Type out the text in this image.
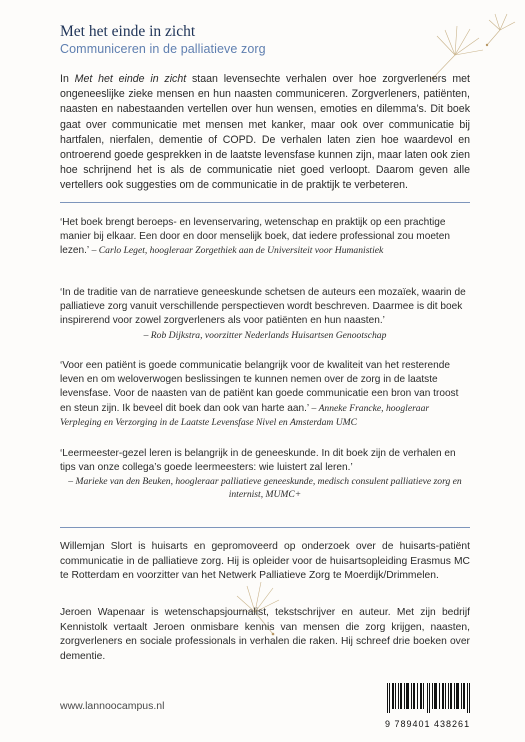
Met het einde in zicht
Communiceren in de palliatieve zorg

In Met het einde in zicht staan levensechte verhalen over hoe zorgverleners met ongeneeslijke zieke mensen en hun naasten communiceren. Zorgverleners, patiënten, naasten en nabestaanden vertellen over hun wensen, emoties en dilemma’s. Dit boek gaat over communicatie met mensen met kanker, maar ook over communicatie bij hartfalen, nierfalen, dementie of COPD. De verhalen laten zien hoe waardevol en ontroerend goede gesprekken in de laatste levensfase kunnen zijn, maar laten ook zien hoe schrijnend het is als de communicatie niet goed verloopt. Daarom geven alle vertellers ook suggesties om de communicatie in de praktijk te verbeteren.

‘Het boek brengt beroeps- en levenservaring, wetenschap en praktijk op een prachtige manier bij elkaar. Een door en door menselijk boek, dat iedere professional zou moeten lezen.’ – Carlo Leget, hoogleraar Zorgethiek aan de Universiteit voor Humanistiek
‘In de traditie van de narratieve geneeskunde schetsen de auteurs een mozaïek, waarin de palliatieve zorg vanuit verschillende perspectieven wordt beschreven. Daarmee is dit boek inspirerend voor zowel zorgverleners als voor patiënten en hun naasten.’
– Rob Dijkstra, voorzitter Nederlands Huisartsen Genootschap
‘Voor een patiënt is goede communicatie belangrijk voor de kwaliteit van het resterende leven en om weloverwogen beslissingen te kunnen nemen over de zorg in de laatste levensfase. Voor de naasten van de patiënt kan goede communicatie een bron van troost en steun zijn. Ik beveel dit boek dan ook van harte aan.’ – Anneke Francke, hoogleraar Verpleging en Verzorging in de Laatste Levensfase Nivel en Amsterdam UMC
‘Leermeester-gezel leren is belangrijk in de geneeskunde. In dit boek zijn de verhalen en tips van onze collega’s goede leermeesters: wie luistert zal leren.’
– Marieke van den Beuken, hoogleraar palliatieve geneeskunde, medisch consulent palliatieve zorg en internist, MUMC+

Willemjan Slort is huisarts en gepromoveerd op onderzoek over de huisarts-patiënt communicatie in de palliatieve zorg. Hij is opleider voor de huisartsopleiding Erasmus MC te Rotterdam en voorzitter van het Netwerk Palliatieve Zorg te Moerdijk/Drimmelen.

Jeroen Wapenaar is wetenschapsjournalist, tekstschrijver en auteur. Met zijn bedrijf Kennistolk vertaalt Jeroen onmisbare kennis van mensen die zorg krijgen, naasten, zorgverleners en sociale professionals in verhalen die raken. Hij schreef drie boeken over dementie.

www.lannoocampus.nl
9 789401 438261
